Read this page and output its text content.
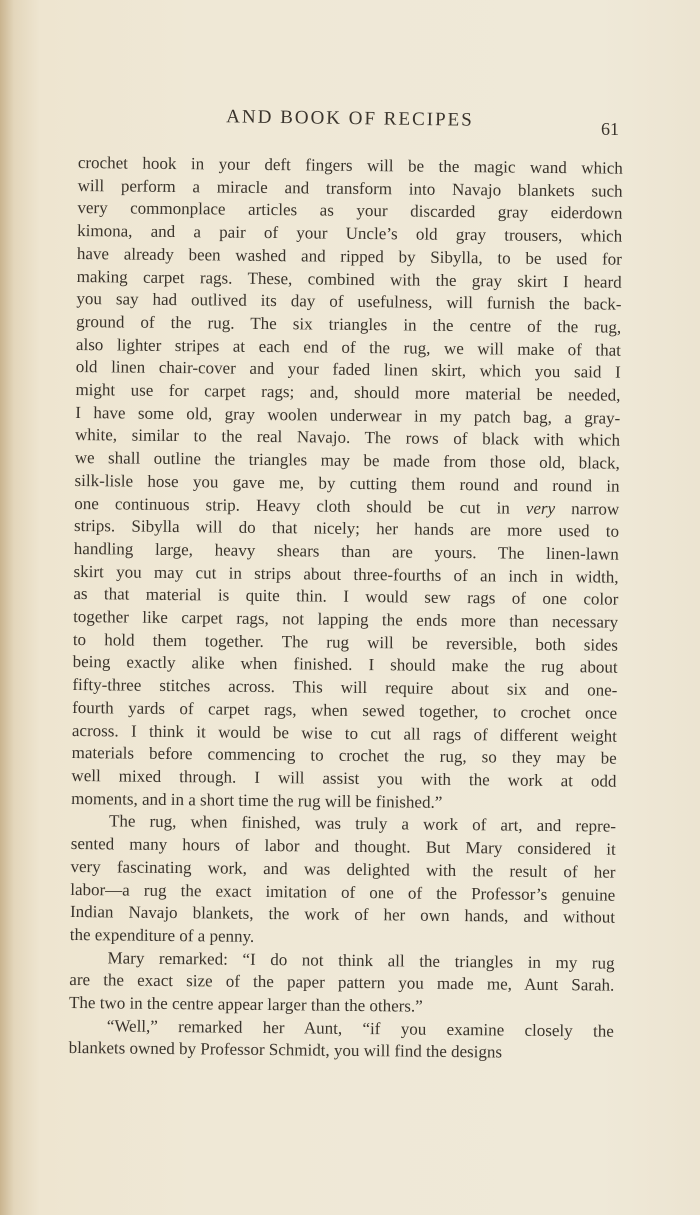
AND BOOK OF RECIPES	61

crochet hook in your deft fingers will be the magic wand which
will perform a miracle and transform into Navajo blankets such
very commonplace articles as your discarded gray eiderdown
kimona, and a pair of your Uncle’s old gray trousers, which
have already been washed and ripped by Sibylla, to be used for
making carpet rags. These, combined with the gray skirt I heard
you say had outlived its day of usefulness, will furnish the back-
ground of the rug. The six triangles in the centre of the rug,
also lighter stripes at each end of the rug, we will make of that
old linen chair-cover and your faded linen skirt, which you said I
might use for carpet rags; and, should more material be needed,
I have some old, gray woolen underwear in my patch bag, a gray-
white, similar to the real Navajo. The rows of black with which
we shall outline the triangles may be made from those old, black,
silk-lisle hose you gave me, by cutting them round and round in
one continuous strip. Heavy cloth should be cut in very narrow
strips. Sibylla will do that nicely; her hands are more used to
handling large, heavy shears than are yours. The linen-lawn
skirt you may cut in strips about three-fourths of an inch in width,
as that material is quite thin. I would sew rags of one color
together like carpet rags, not lapping the ends more than necessary
to hold them together. The rug will be reversible, both sides
being exactly alike when finished. I should make the rug about
fifty-three stitches across. This will require about six and one-
fourth yards of carpet rags, when sewed together, to crochet once
across. I think it would be wise to cut all rags of different weight
materials before commencing to crochet the rug, so they may be
well mixed through. I will assist you with the work at odd
moments, and in a short time the rug will be finished.”

The rug, when finished, was truly a work of art, and repre-
sented many hours of labor and thought. But Mary considered it
very fascinating work, and was delighted with the result of her
labor—a rug the exact imitation of one of the Professor’s genuine
Indian Navajo blankets, the work of her own hands, and without
the expenditure of a penny.

Mary remarked: “I do not think all the triangles in my rug
are the exact size of the paper pattern you made me, Aunt Sarah.
The two in the centre appear larger than the others.”

“Well,” remarked her Aunt, “if you examine closely the
blankets owned by Professor Schmidt, you will find the designs
